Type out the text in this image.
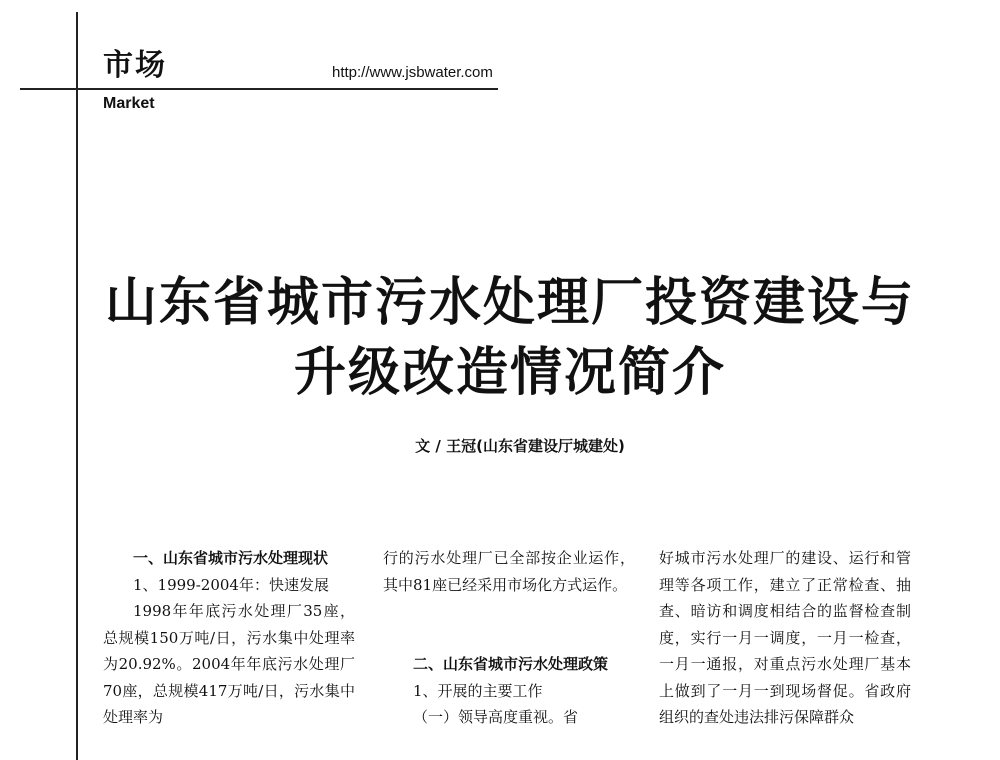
市场
Market
http://www.jsbwater.com
山东省城市污水处理厂投资建设与
升级改造情况简介
文 / 王冠(山东省建设厅城建处)

一、山东省城市污水处理现状

1、1999-2004年：快速发展

1998年年底污水处理厂35座，总规模150万吨/日，污水集中处理率为20.92%。2004年年底污水处理厂70座，总规模417万吨/日，污水集中处理率为

行的污水处理厂已全部按企业运作，其中81座已经采用市场化方式运作。

二、山东省城市污水处理政策

1、开展的主要工作

（一）领导高度重视。省

好城市污水处理厂的建设、运行和管理等各项工作，建立了正常检查、抽查、暗访和调度相结合的监督检查制度，实行一月一调度，一月一检查，一月一通报，对重点污水处理厂基本上做到了一月一到现场督促。省政府组织的查处违法排污保障群众
